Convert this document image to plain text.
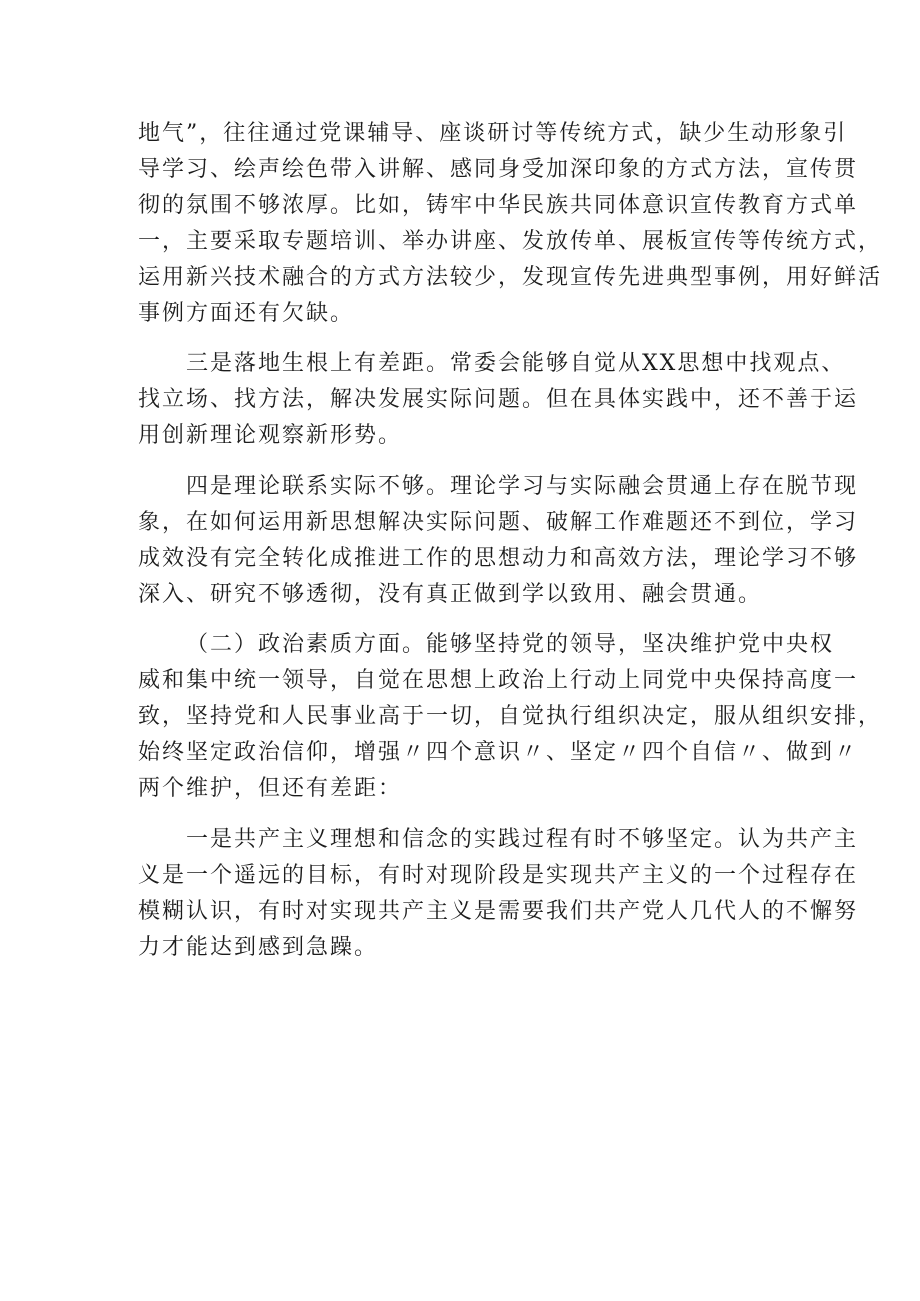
地气”，往往通过党课辅导、座谈研讨等传统方式，缺少生动形象引
导学习、绘声绘色带入讲解、感同身受加深印象的方式方法，宣传贯
彻的氛围不够浓厚。比如，铸牢中华民族共同体意识宣传教育方式单
一，主要采取专题培训、举办讲座、发放传单、展板宣传等传统方式，
运用新兴技术融合的方式方法较少，发现宣传先进典型事例，用好鲜活
事例方面还有欠缺。
三是落地生根上有差距。常委会能够自觉从XX思想中找观点、
找立场、找方法，解决发展实际问题。但在具体实践中，还不善于运
用创新理论观察新形势。
四是理论联系实际不够。理论学习与实际融会贯通上存在脱节现
象，在如何运用新思想解决实际问题、破解工作难题还不到位，学习
成效没有完全转化成推进工作的思想动力和高效方法，理论学习不够
深入、研究不够透彻，没有真正做到学以致用、融会贯通。
（二）政治素质方面。能够坚持党的领导，坚决维护党中央权
威和集中统一领导，自觉在思想上政治上行动上同党中央保持高度一
致，坚持党和人民事业高于一切，自觉执行组织决定，服从组织安排，
始终坚定政治信仰，增强〃四个意识〃、坚定〃四个自信〃、做到〃
两个维护，但还有差距：
一是共产主义理想和信念的实践过程有时不够坚定。认为共产主
义是一个遥远的目标，有时对现阶段是实现共产主义的一个过程存在
模糊认识，有时对实现共产主义是需要我们共产党人几代人的不懈努
力才能达到感到急躁。
